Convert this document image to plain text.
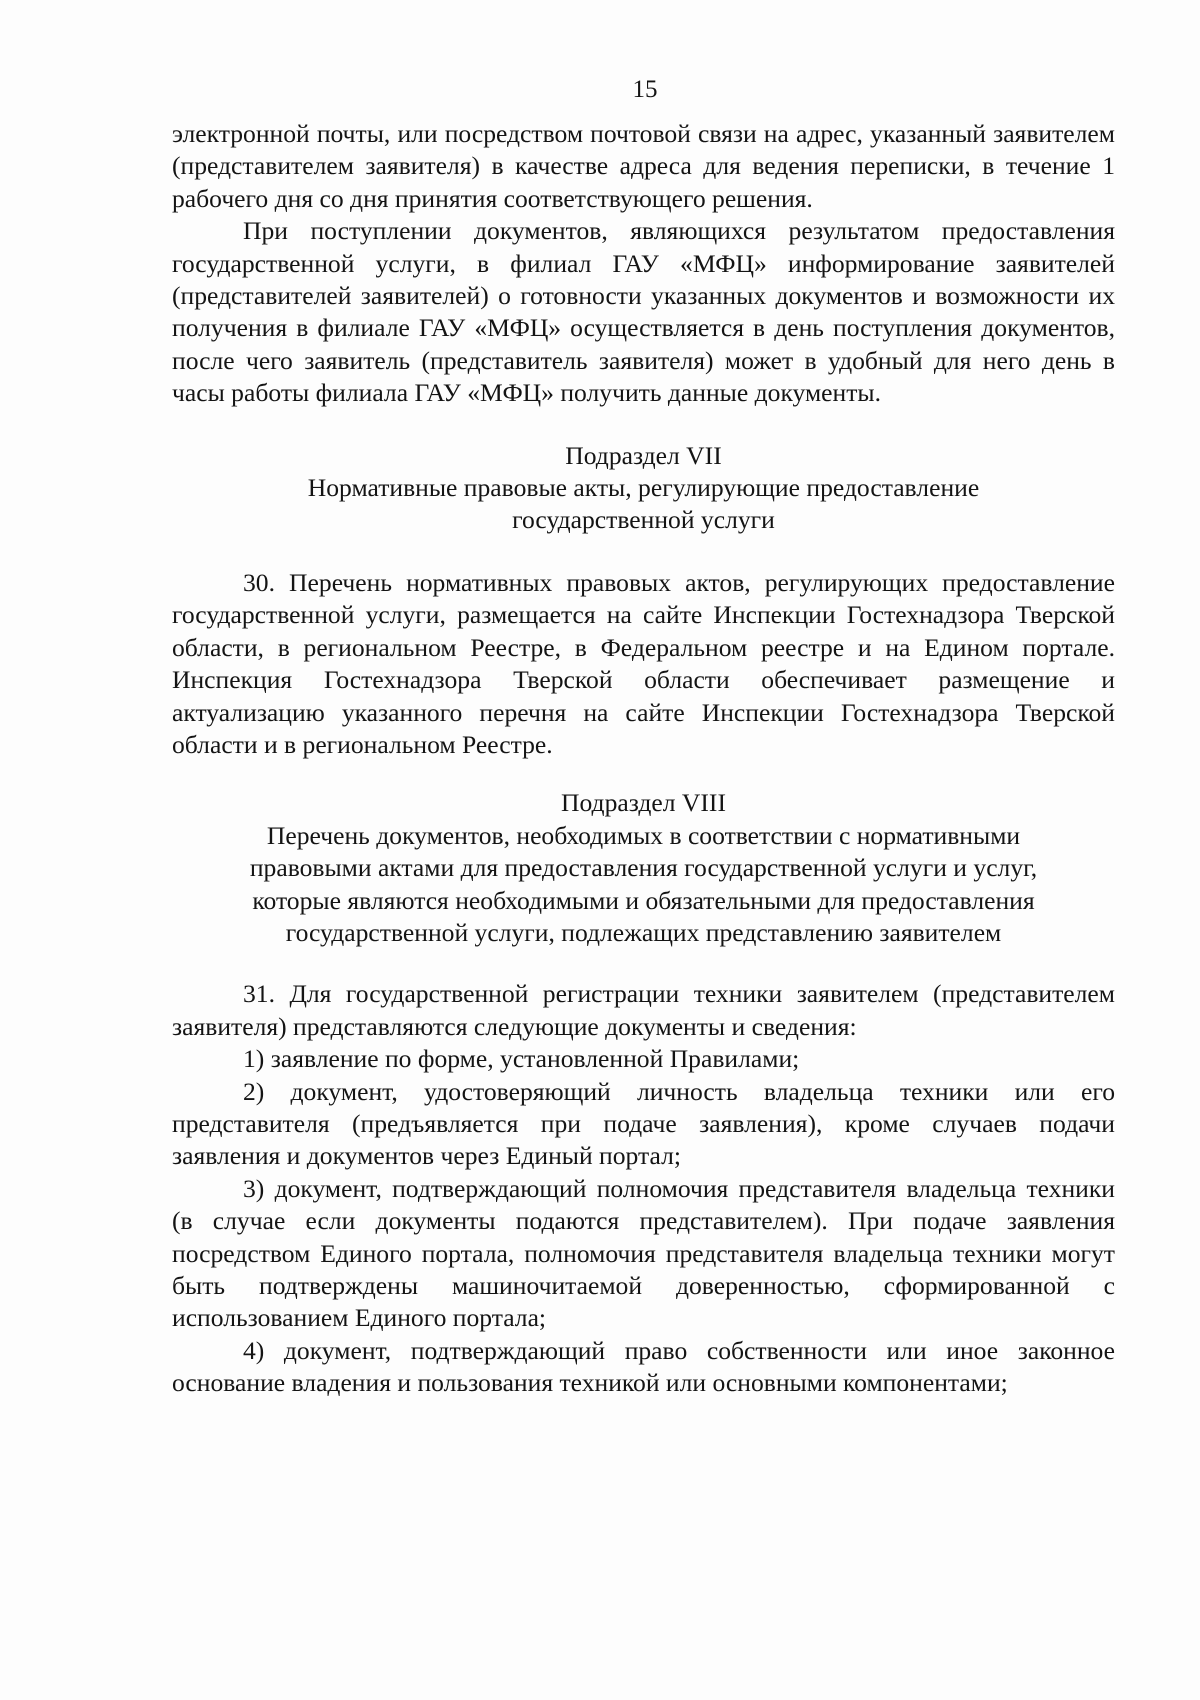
15

электронной почты, или посредством почтовой связи на адрес, указанный заявителем (представителем заявителя) в качестве адреса для ведения переписки, в течение 1 рабочего дня со дня принятия соответствующего решения.

При поступлении документов, являющихся результатом предоставления государственной услуги, в филиал ГАУ «МФЦ» информирование заявителей (представителей заявителей) о готовности указанных документов и возможности их получения в филиале ГАУ «МФЦ» осуществляется в день поступления документов, после чего заявитель (представитель заявителя) может в удобный для него день в часы работы филиала ГАУ «МФЦ» получить данные документы.

Подраздел VII
Нормативные правовые акты, регулирующие предоставление
государственной услуги

30. Перечень нормативных правовых актов, регулирующих предоставление государственной услуги, размещается на сайте Инспекции Гостехнадзора Тверской области, в региональном Реестре, в Федеральном реестре и на Едином портале. Инспекция Гостехнадзора Тверской области обеспечивает размещение и актуализацию указанного перечня на сайте Инспекции Гостехнадзора Тверской области и в региональном Реестре.

Подраздел VIII
Перечень документов, необходимых в соответствии с нормативными
правовыми актами для предоставления государственной услуги и услуг,
которые являются необходимыми и обязательными для предоставления
государственной услуги, подлежащих представлению заявителем

31. Для государственной регистрации техники заявителем (представителем заявителя) представляются следующие документы и сведения:

1) заявление по форме, установленной Правилами;

2) документ, удостоверяющий личность владельца техники или его представителя (предъявляется при подаче заявления), кроме случаев подачи заявления и документов через Единый портал;

3) документ, подтверждающий полномочия представителя владельца техники (в случае если документы подаются представителем). При подаче заявления посредством Единого портала, полномочия представителя владельца техники могут быть подтверждены машиночитаемой доверенностью, сформированной с использованием Единого портала;

4) документ, подтверждающий право собственности или иное законное основание владения и пользования техникой или основными компонентами;
